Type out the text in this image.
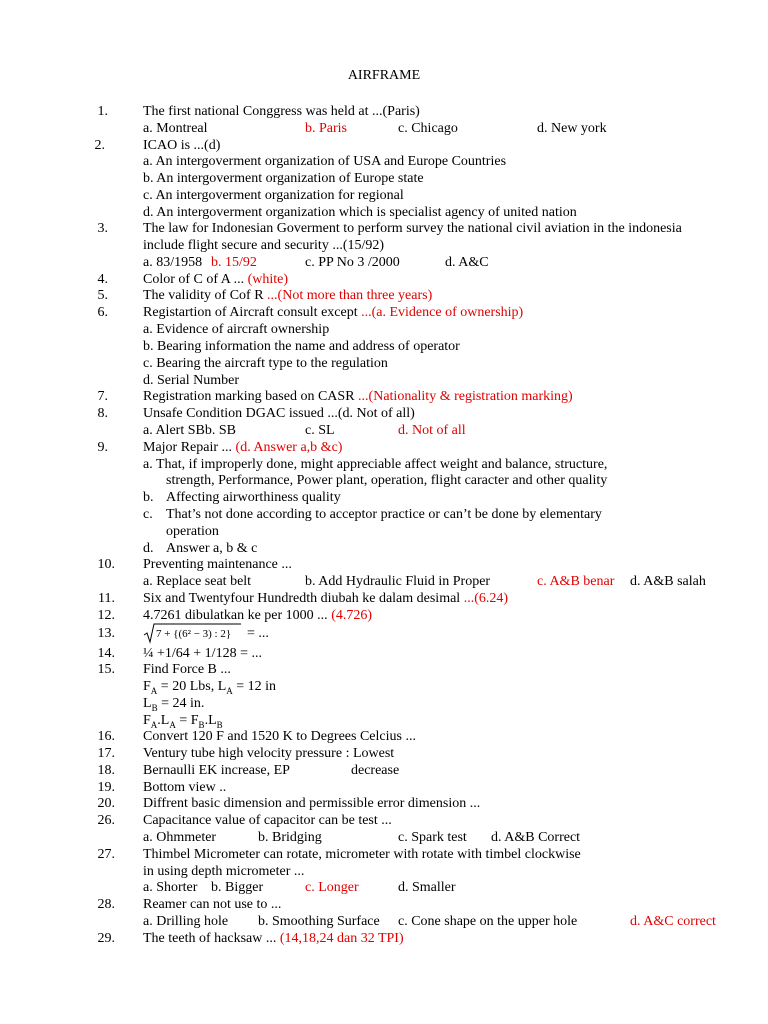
AIRFRAME
1.	The first national Conggress was held at ...(Paris)
a. Montreal	b. Paris	c. Chicago	d. New york
2.	ICAO is ...(d)
a. An intergoverment organization of USA and Europe Countries
b. An intergoverment organization of Europe state
c. An intergoverment organization for regional
d. An intergoverment organization which is specialist agency of united nation
3.	The law for Indonesian Goverment to perform survey the national civil aviation in the indonesia
include flight secure and security ...(15/92)
a. 83/1958 b. 15/92	c. PP No 3 /2000	d. A&C
4.	Color of C of A ... (white)
5.	The validity of Cof R ...(Not more than three years)
6.	Registartion of Aircraft consult except ...(a. Evidence of ownership)
a. Evidence of aircraft ownership
b. Bearing information the name and address of operator
c. Bearing the aircraft type to the regulation
d. Serial Number
7.	Registration marking based on CASR ...(Nationality & registration marking)
8.	Unsafe Condition DGAC issued ...(d. Not of all)
a. Alert SBb. SB	c. SL	d. Not of all
9.	Major Repair ... (d. Answer a,b &c)
a. That, if improperly done, might appreciable affect weight and balance, structure,
strength, Performance, Power plant, operation, flight caracter and other quality
b. Affecting airworthiness quality
c. That’s not done according to acceptor practice or can’t be done by elementary
operation
d. Answer a, b & c
10. Preventing maintenance ...
a. Replace seat belt	b. Add Hydraulic Fluid in Proper	c. A&B benar d. A&B salah
11. Six and Twentyfour Hundredth diubah ke dalam desimal ...(6.24)
12. 4.7261 dibulatkan ke per 1000 ... (4.726)
13.	7 + {(6² − 3) : 2} = ...
14. ¼ +1/64 + 1/128 = ...
15. Find Force B ...
$F_A = 20$ Lbs, $L_A = 12$ in
$L_B = 24$ in.
$F_A.L_A = F_B.L_B$
16. Convert 120 F and 1520 K to Degrees Celcius ...
17. Ventury tube high velocity pressure : Lowest
18. Bernaulli EK increase, EP	decrease
19. Bottom view ..
20. Diffrent basic dimension and permissible error dimension ...
26. Capacitance value of capacitor can be test ...
a. Ohmmeter	b. Bridging	c. Spark test d. A&B Correct
27. Thimbel Micrometer can rotate, micrometer with rotate with timbel clockwise
in using depth micrometer ...
a. Shorter b. Bigger	c. Longer	d. Smaller
28. Reamer can not use to ...
a. Drilling hole b. Smoothing Surface c. Cone shape on the upper hole	d. A&C correct
29. The teeth of hacksaw ... (14,18,24 dan 32 TPI)
